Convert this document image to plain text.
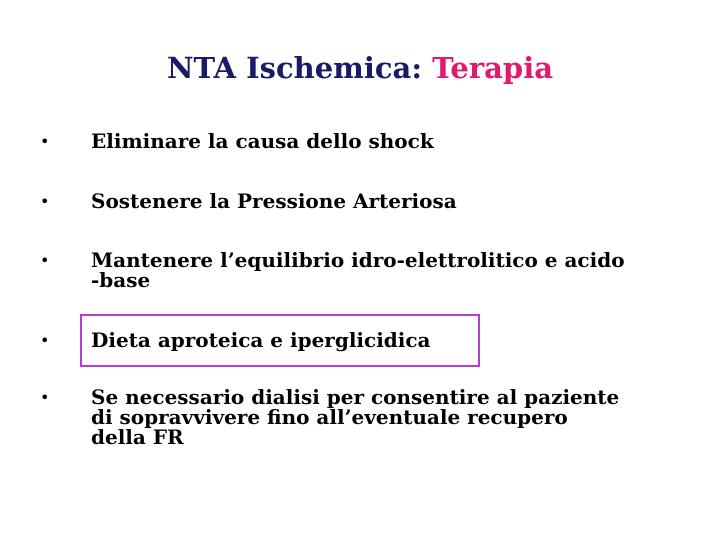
NTA Ischemica: Terapia
• Eliminare la causa dello shock
• Sostenere la Pressione Arteriosa
• Mantenere l’equilibrio idro-elettrolitico e acido
-base
• Dieta aproteica e iperglicidica
• Se necessario dialisi per consentire al paziente
di sopravvivere fino all’eventuale recupero
della FR
